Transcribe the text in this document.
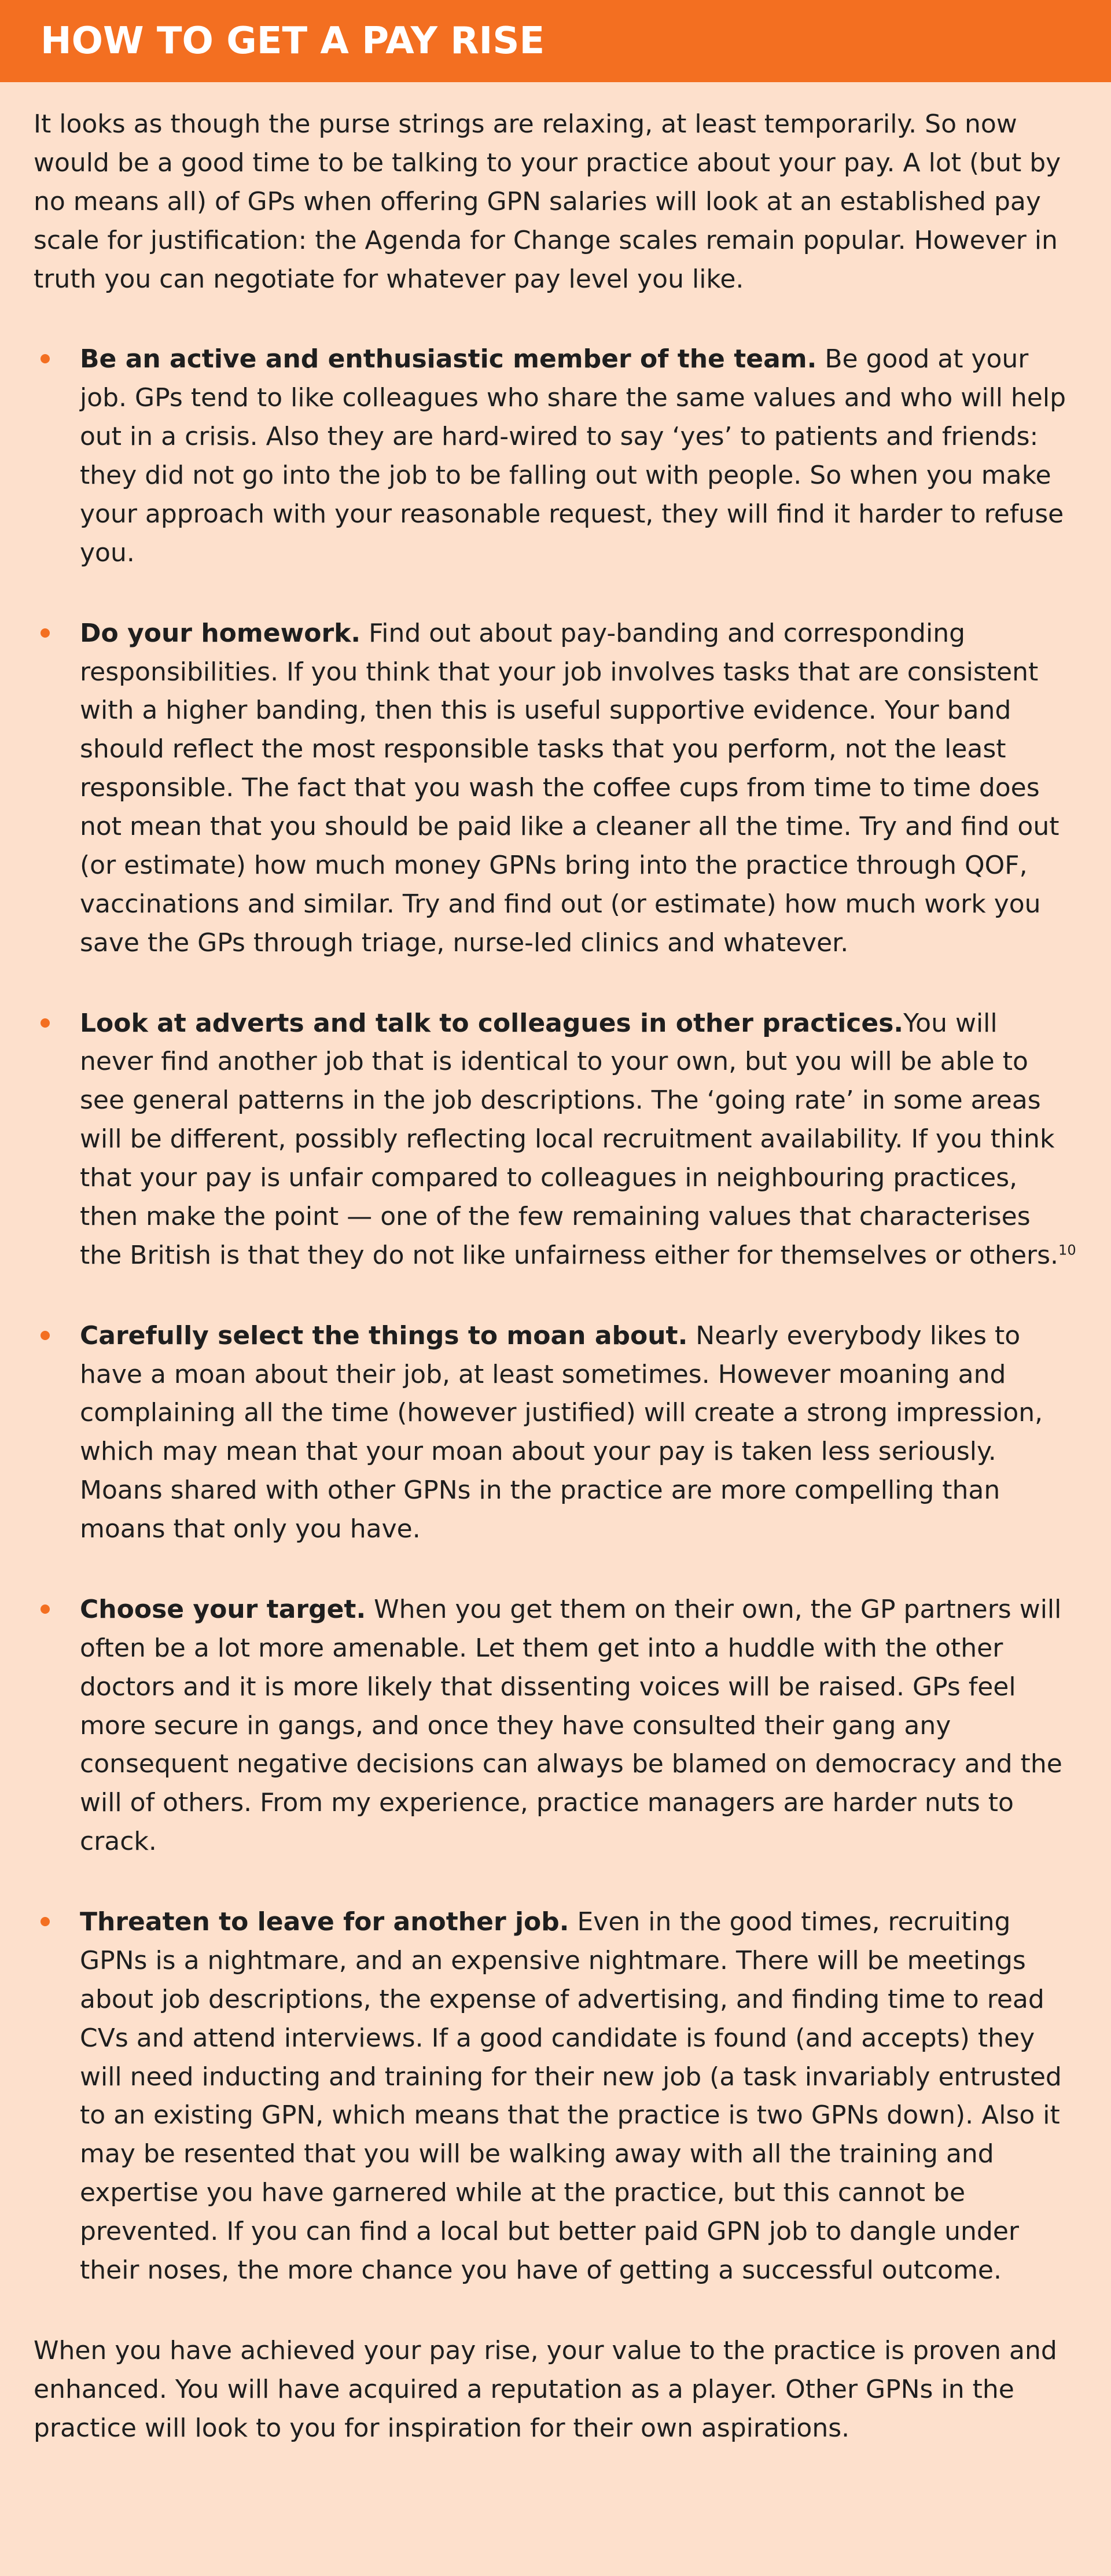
HOW TO GET A PAY RISE

It looks as though the purse strings are relaxing, at least temporarily. So now would be a good time to be talking to your practice about your pay. A lot (but by no means all) of GPs when offering GPN salaries will look at an established pay scale for justification: the Agenda for Change scales remain popular. However in truth you can negotiate for whatever pay level you like.

Be an active and enthusiastic member of the team. Be good at your job. GPs tend to like colleagues who share the same values and who will help out in a crisis. Also they are hard-wired to say ‘yes’ to patients and friends: they did not go into the job to be falling out with people. So when you make your approach with your reasonable request, they will find it harder to refuse you.

Do your homework. Find out about pay-banding and corresponding responsibilities. If you think that your job involves tasks that are consistent with a higher banding, then this is useful supportive evidence. Your band should reflect the most responsible tasks that you perform, not the least responsible. The fact that you wash the coffee cups from time to time does not mean that you should be paid like a cleaner all the time. Try and find out (or estimate) how much money GPNs bring into the practice through QOF, vaccinations and similar. Try and find out (or estimate) how much work you save the GPs through triage, nurse-led clinics and whatever.

Look at adverts and talk to colleagues in other practices.You will never find another job that is identical to your own, but you will be able to see general patterns in the job descriptions. The ‘going rate’ in some areas will be different, possibly reflecting local recruitment availability. If you think that your pay is unfair compared to colleagues in neighbouring practices, then make the point — one of the few remaining values that characterises the British is that they do not like unfairness either for themselves or others.$^{10}$

Carefully select the things to moan about. Nearly everybody likes to have a moan about their job, at least sometimes. However moaning and complaining all the time (however justified) will create a strong impression, which may mean that your moan about your pay is taken less seriously. Moans shared with other GPNs in the practice are more compelling than moans that only you have.

Choose your target. When you get them on their own, the GP partners will often be a lot more amenable. Let them get into a huddle with the other doctors and it is more likely that dissenting voices will be raised. GPs feel more secure in gangs, and once they have consulted their gang any consequent negative decisions can always be blamed on democracy and the will of others. From my experience, practice managers are harder nuts to crack.

Threaten to leave for another job. Even in the good times, recruiting GPNs is a nightmare, and an expensive nightmare. There will be meetings about job descriptions, the expense of advertising, and finding time to read CVs and attend interviews. If a good candidate is found (and accepts) they will need inducting and training for their new job (a task invariably entrusted to an existing GPN, which means that the practice is two GPNs down). Also it may be resented that you will be walking away with all the training and expertise you have garnered while at the practice, but this cannot be prevented. If you can find a local but better paid GPN job to dangle under their noses, the more chance you have of getting a successful outcome.

When you have achieved your pay rise, your value to the practice is proven and enhanced. You will have acquired a reputation as a player. Other GPNs in the practice will look to you for inspiration for their own aspirations.
